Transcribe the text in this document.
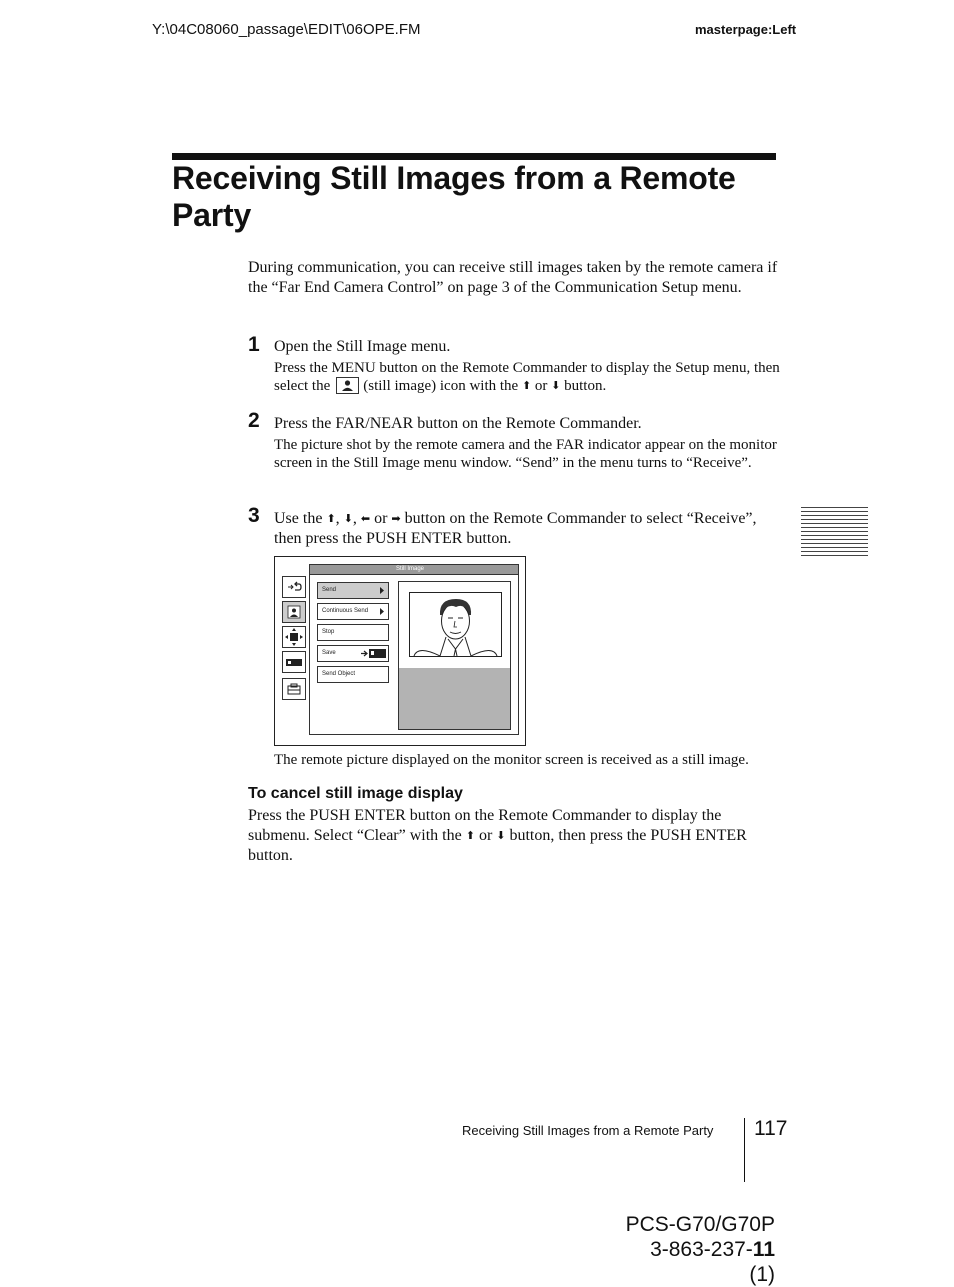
Y:\04C08060_passage\EDIT\06OPE.FM	masterpage:Left
Receiving Still Images from a Remote Party
During communication, you can receive still images taken by the remote camera if the “Far End Camera Control” on page 3 of the Communication Setup menu.
1 Open the Still Image menu.
Press the MENU button on the Remote Commander to display the Setup menu, then select the (still image) icon with the ⬆ or ⬇ button.
2 Press the FAR/NEAR button on the Remote Commander.
The picture shot by the remote camera and the FAR indicator appear on the monitor screen in the Still Image menu window. “Send” in the menu turns to “Receive”.
3 Use the ⬆, ⬇, ⬅ or ➡ button on the Remote Commander to select “Receive”, then press the PUSH ENTER button.
Still Image
Send
Continuous Send
Stop
Save
Send Object
The remote picture displayed on the monitor screen is received as a still image.
To cancel still image display
Press the PUSH ENTER button on the Remote Commander to display the submenu. Select “Clear” with the ⬆ or ⬇ button, then press the PUSH ENTER button.
Receiving Still Images from a Remote Party 117
PCS-G70/G70P
3-863-237-11 (1)
